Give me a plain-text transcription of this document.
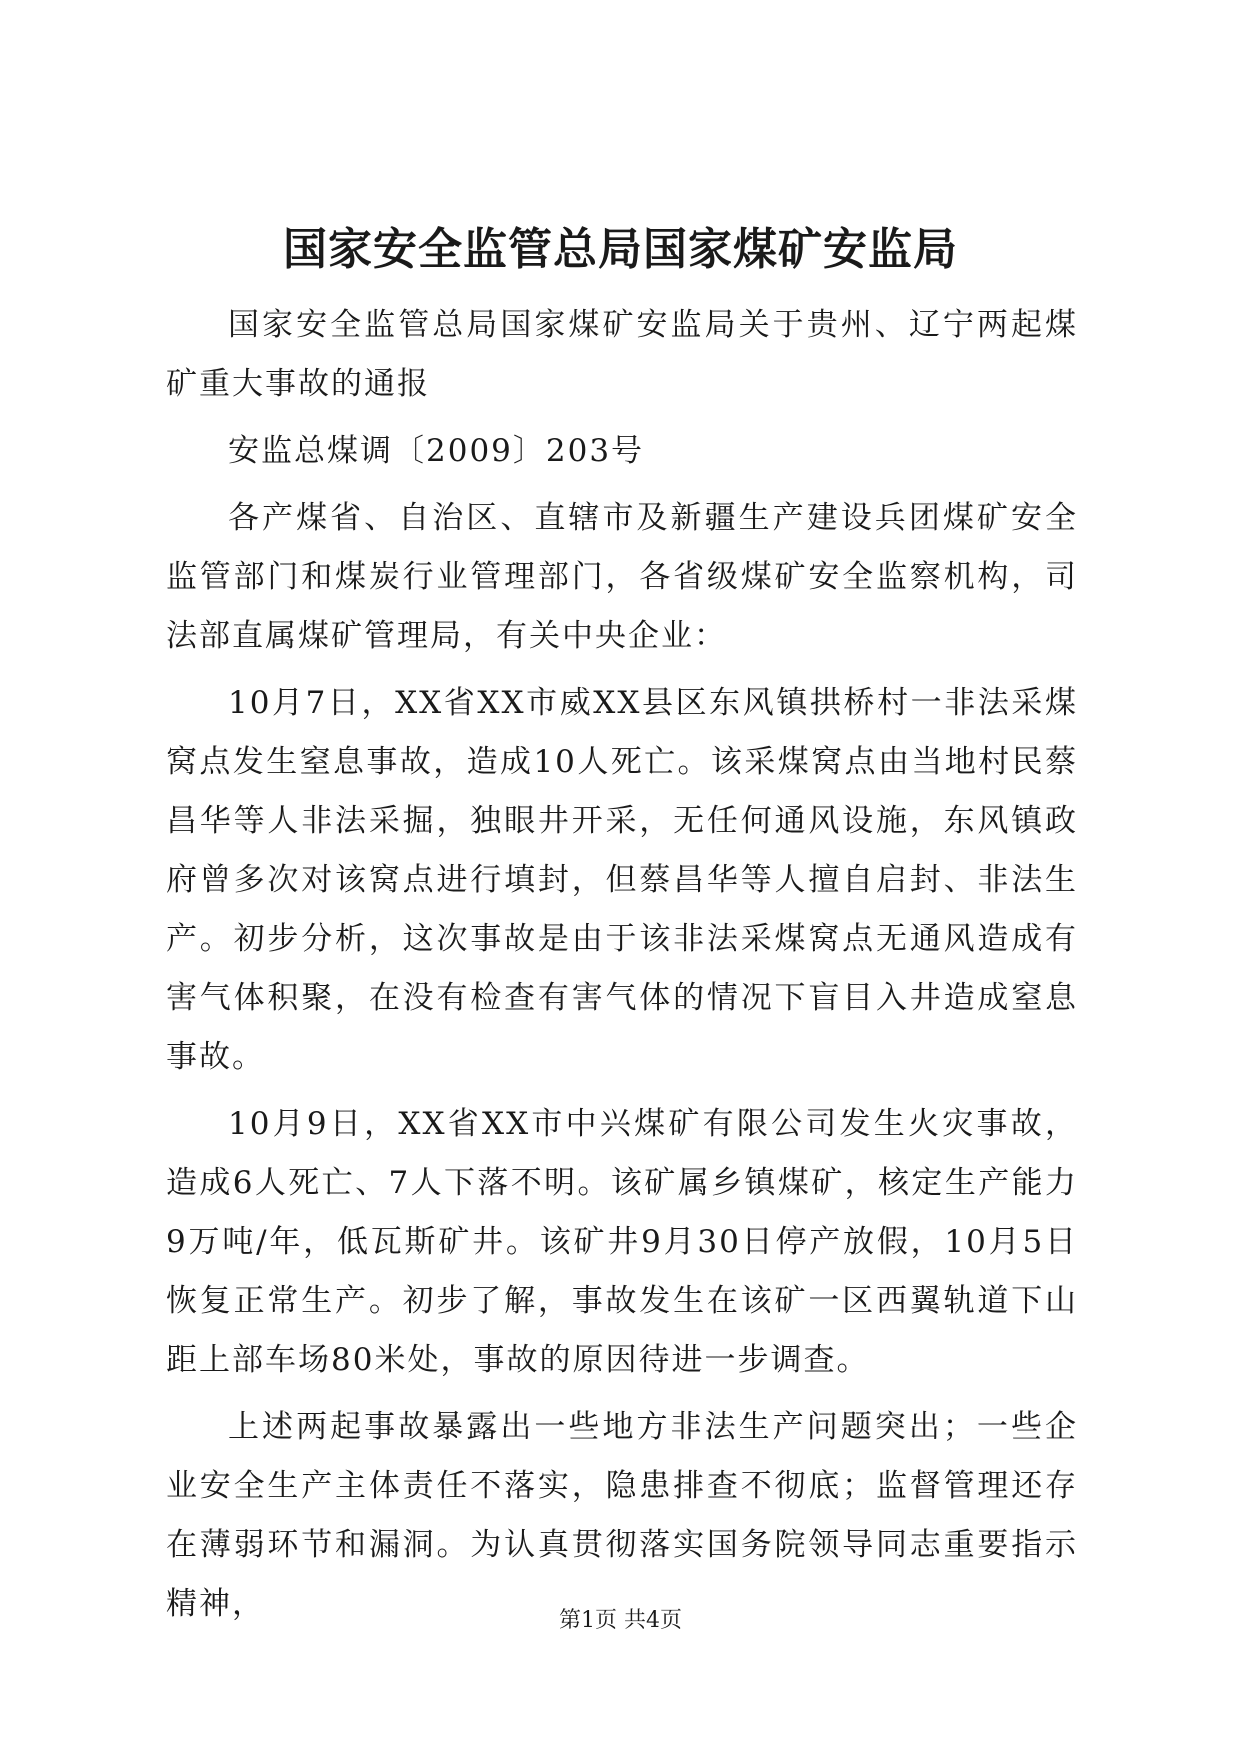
国家安全监管总局国家煤矿安监局

国家安全监管总局国家煤矿安监局关于贵州、辽宁两起煤矿重大事故的通报

安监总煤调〔2009〕203号

各产煤省、自治区、直辖市及新疆生产建设兵团煤矿安全监管部门和煤炭行业管理部门，各省级煤矿安全监察机构，司法部直属煤矿管理局，有关中央企业：

10月7日，XX省XX市威XX县区东风镇拱桥村一非法采煤窝点发生窒息事故，造成10人死亡。该采煤窝点由当地村民蔡昌华等人非法采掘，独眼井开采，无任何通风设施，东风镇政府曾多次对该窝点进行填封，但蔡昌华等人擅自启封、非法生产。初步分析，这次事故是由于该非法采煤窝点无通风造成有害气体积聚，在没有检查有害气体的情况下盲目入井造成窒息事故。

10月9日，XX省XX市中兴煤矿有限公司发生火灾事故，造成6人死亡、7人下落不明。该矿属乡镇煤矿，核定生产能力9万吨/年，低瓦斯矿井。该矿井9月30日停产放假，10月5日恢复正常生产。初步了解，事故发生在该矿一区西翼轨道下山距上部车场80米处，事故的原因待进一步调查。

上述两起事故暴露出一些地方非法生产问题突出；一些企业安全生产主体责任不落实，隐患排查不彻底；监督管理还存在薄弱环节和漏洞。为认真贯彻落实国务院领导同志重要指示精神，	第1页 共4页
